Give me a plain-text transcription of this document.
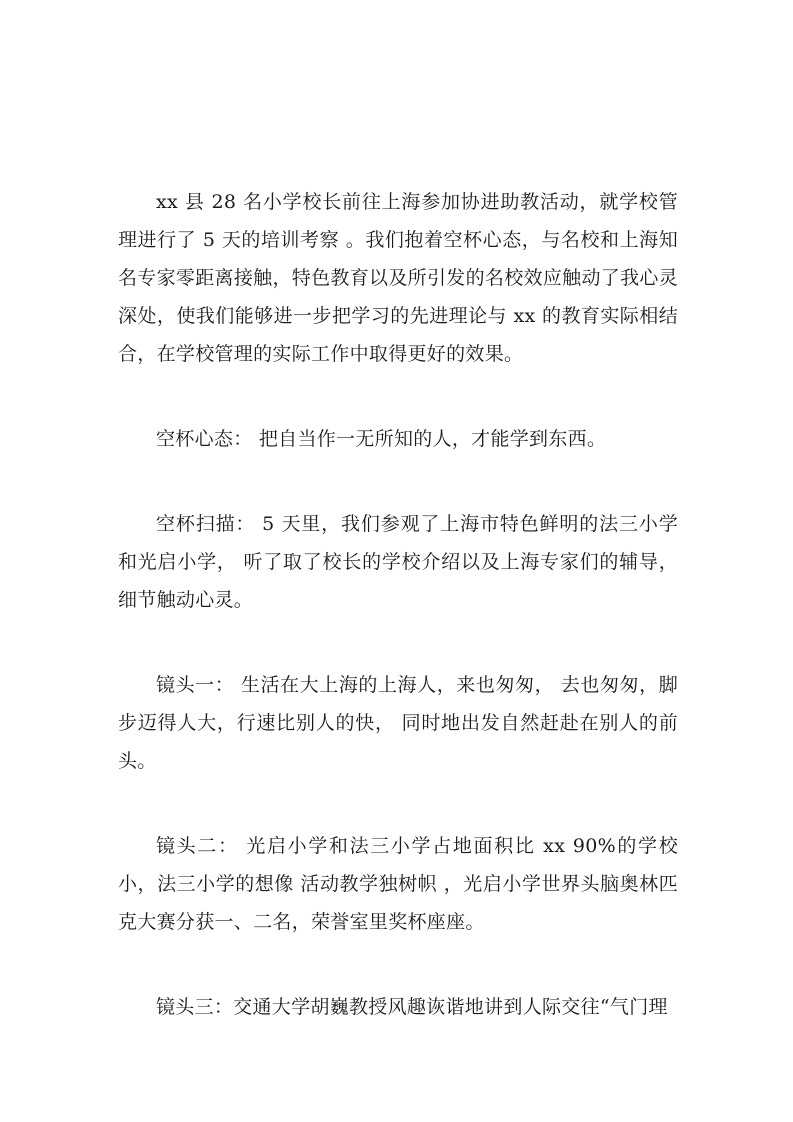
xx 县 28 名小学校长前往上海参加协进助教活动，就学校管理进行了 5 天的培训考察 。我们抱着空杯心态，与名校和上海知名专家零距离接触，特色教育以及所引发的名校效应触动了我心灵深处，使我们能够进一步把学习的先进理论与 xx 的教育实际相结合，在学校管理的实际工作中取得更好的效果。

空杯心态： 把自当作一无所知的人，才能学到东西。

空杯扫描： 5 天里，我们参观了上海市特色鲜明的法三小学和光启小学， 听了取了校长的学校介绍以及上海专家们的辅导，细节触动心灵。

镜头一： 生活在大上海的上海人，来也匆匆， 去也匆匆，脚步迈得人大，行速比别人的快， 同时地出发自然赶赴在别人的前头。

镜头二： 光启小学和法三小学占地面积比 xx 90%的学校小，法三小学的想像 活动教学独树帜 ，光启小学世界头脑奥林匹克大赛分获一、二名，荣誉室里奖杯座座。

镜头三：交通大学胡巍教授风趣诙谐地讲到人际交往“气门理
